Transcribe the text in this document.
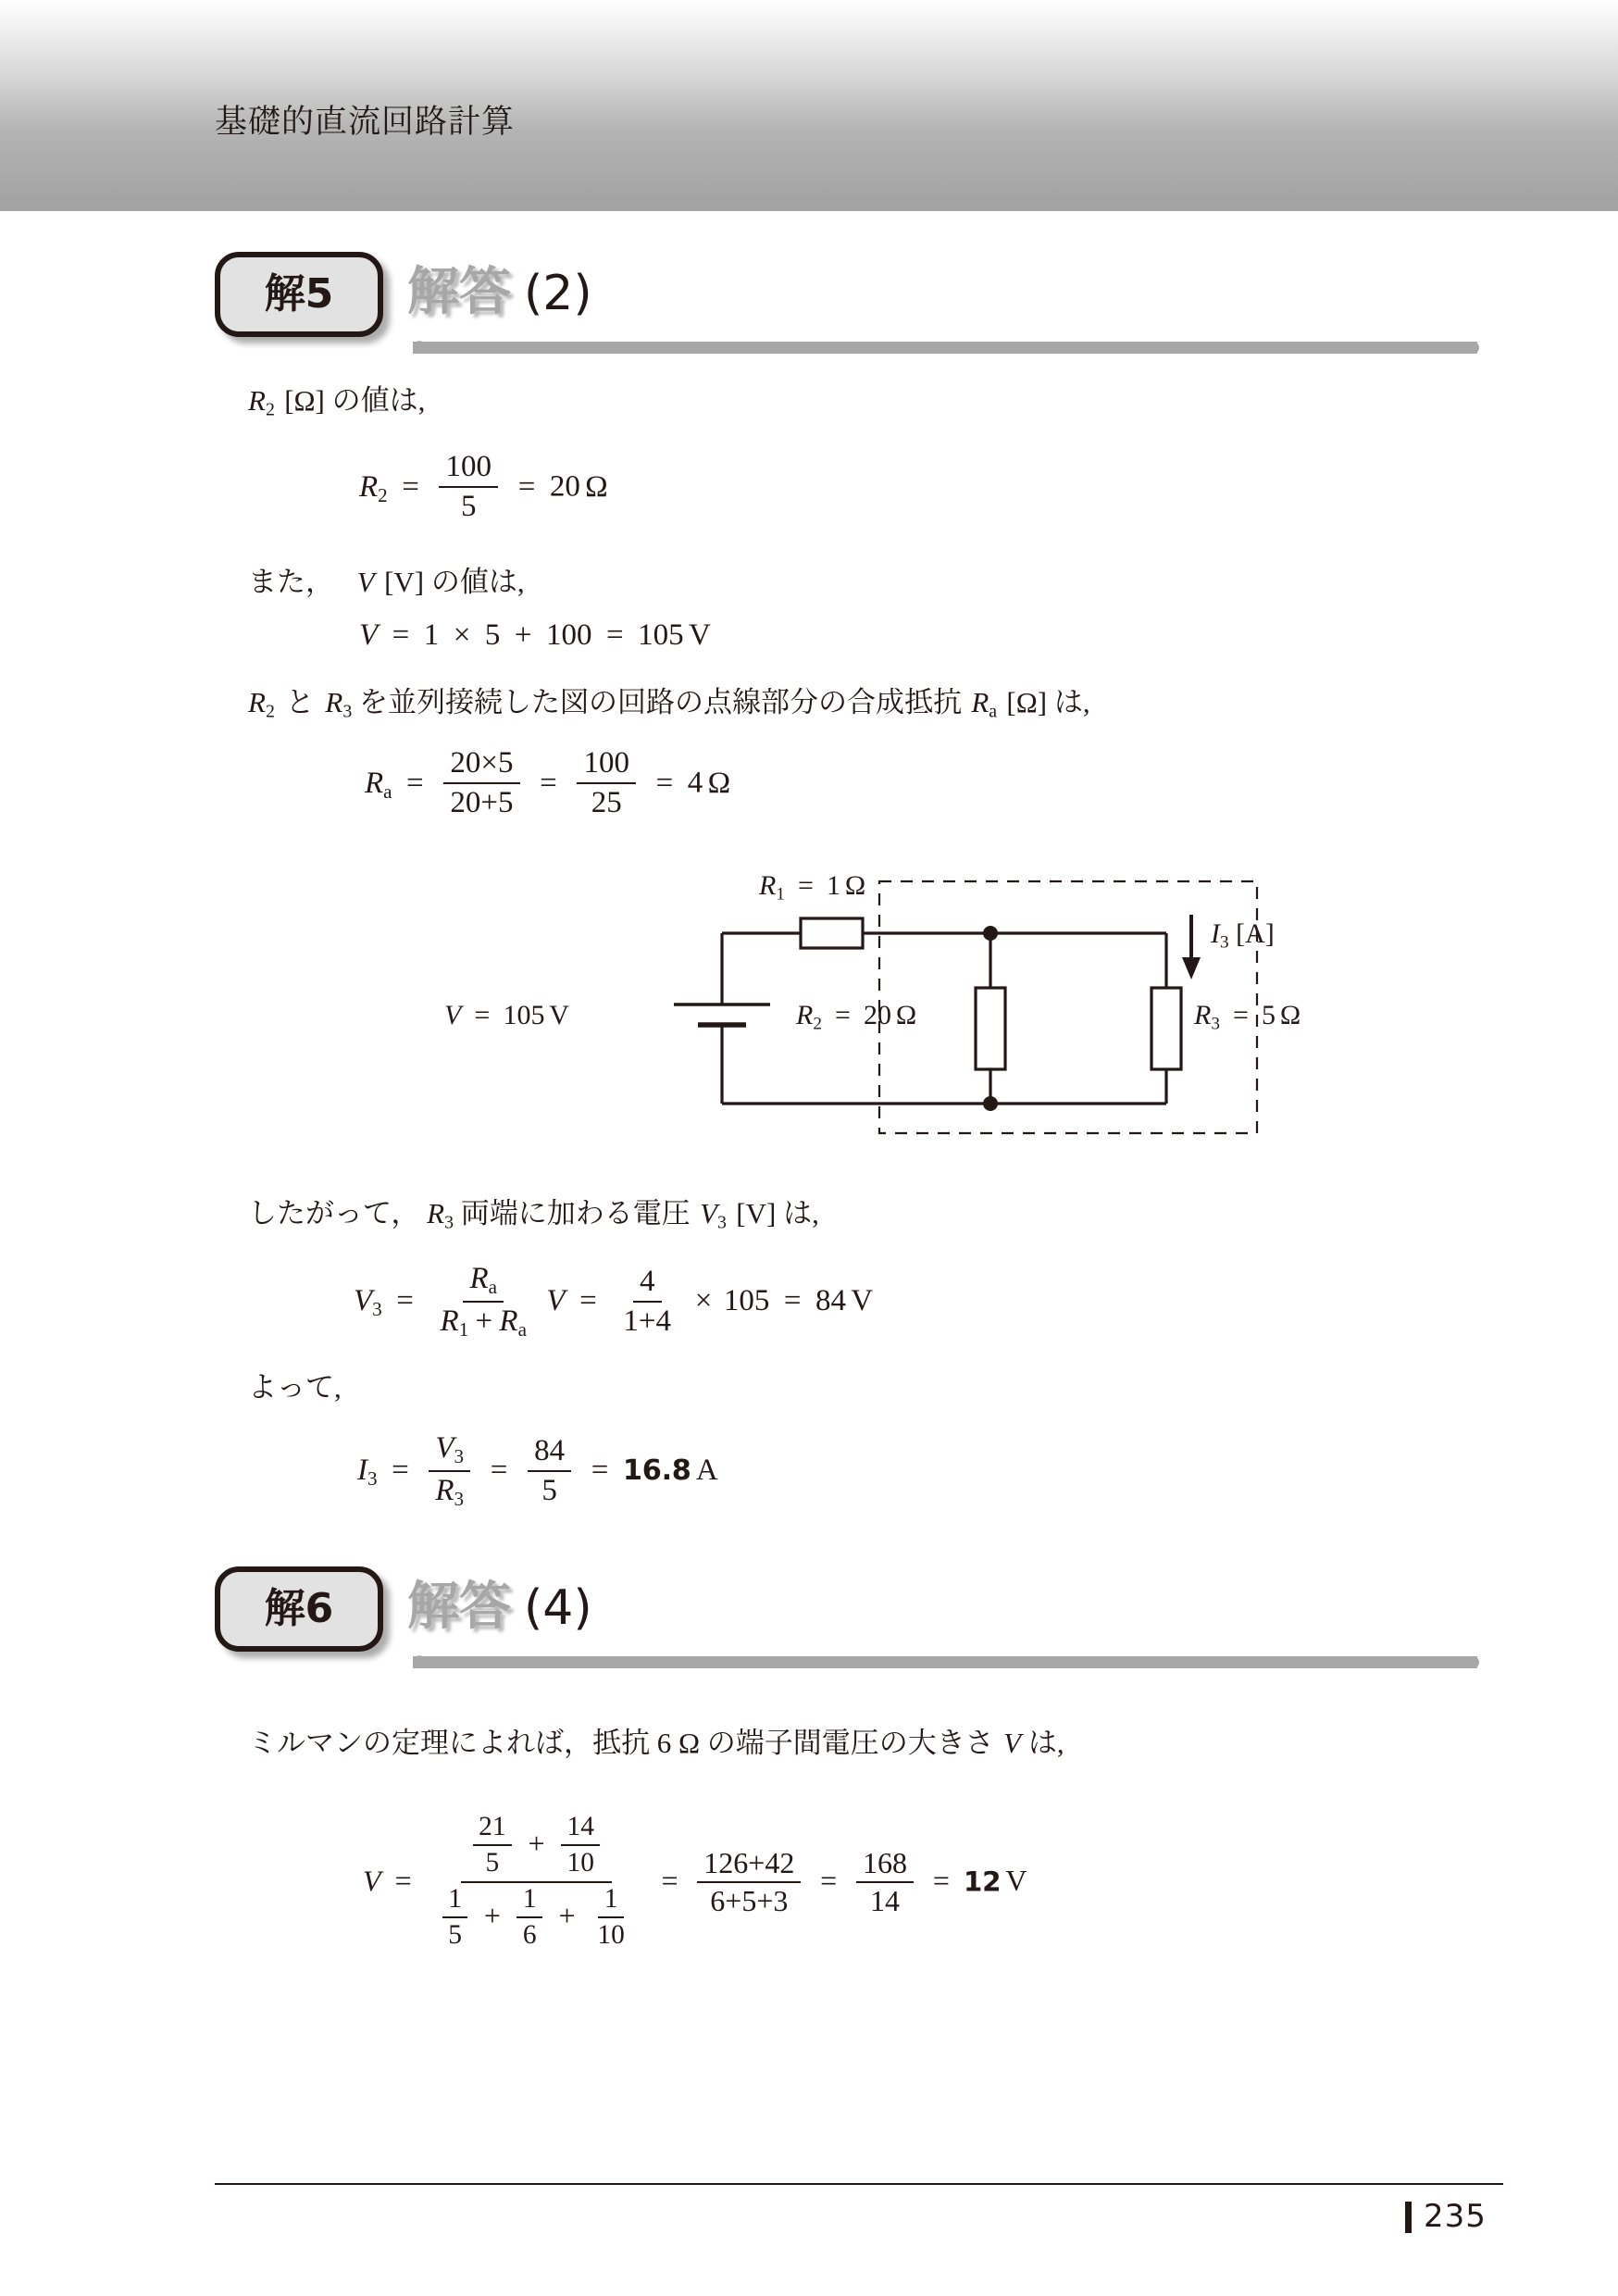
基礎的直流回路計算
解5	解答 (2)
$R_2$  [Ω] の値は,
$R_2 = \frac{100}{5} = 20$ Ω
また， V  [V] の値は,
V = 1 × 5 + 100 = 105 V
$R_2$ と $R_3$ を並列接続した図の回路の点線部分の合成抵抗  $R_a$  [Ω] は,
$R_a = \frac{20\times 5}{20+5} = \frac{100}{25} = 4$ Ω
$R_1 = 1$ Ω
V = 105 V	$R_2 = 20$ Ω	$R_3 = 5$ Ω
$I_3$ [A]
したがって， $R_3$ 両端に加わる電圧  $V_3$  [V] は,
$V_3 = \frac{R_a}{R_1 + R_a}$ $V = \frac{4}{1+4} \times 105 = 84$ V
よって,
$I_3 = \frac{V_3}{R_3} = \frac{84}{5} = 16.8$ A
解6	解答 (4)
ミルマンの定理によれば，抵抗 6 Ω の端子間電圧の大きさ  V は,
V =
$\frac{21}{5} + \frac{14}{10}$
$\frac{1}{5} + \frac{1}{6} + \frac{1}{10}$
= $\frac{126+42}{6+5+3} = \frac{168}{14} = 12$ V
235
